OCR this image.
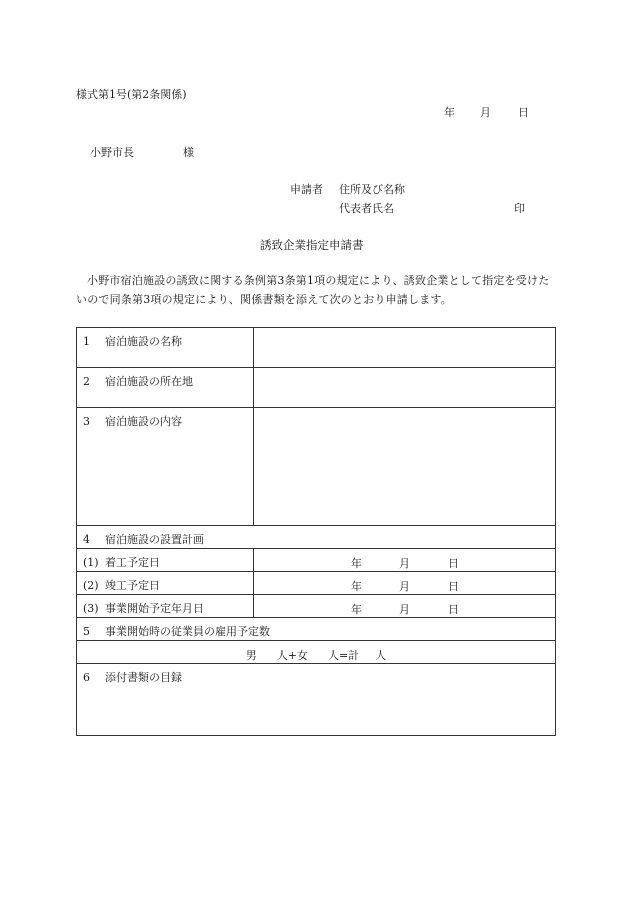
様式第1号(第2条関係)
年 月 日
小野市長	様
申請者 住所及び名称
代表者氏名	印
誘致企業指定申請書
小野市宿泊施設の誘致に関する条例第3条第1項の規定により、誘致企業として指定を受けたいので同条第3項の規定により、関係書類を添えて次のとおり申請します。
1 宿泊施設の名称
2 宿泊施設の所在地
3 宿泊施設の内容
4 宿泊施設の設置計画
(1) 着工予定日	年	月	日
(2) 竣工予定日	年	月	日
(3) 事業開始予定年月日	年	月	日
5 事業開始時の従業員の雇用予定数
男 人+女 人=計 人
6 添付書類の目録
